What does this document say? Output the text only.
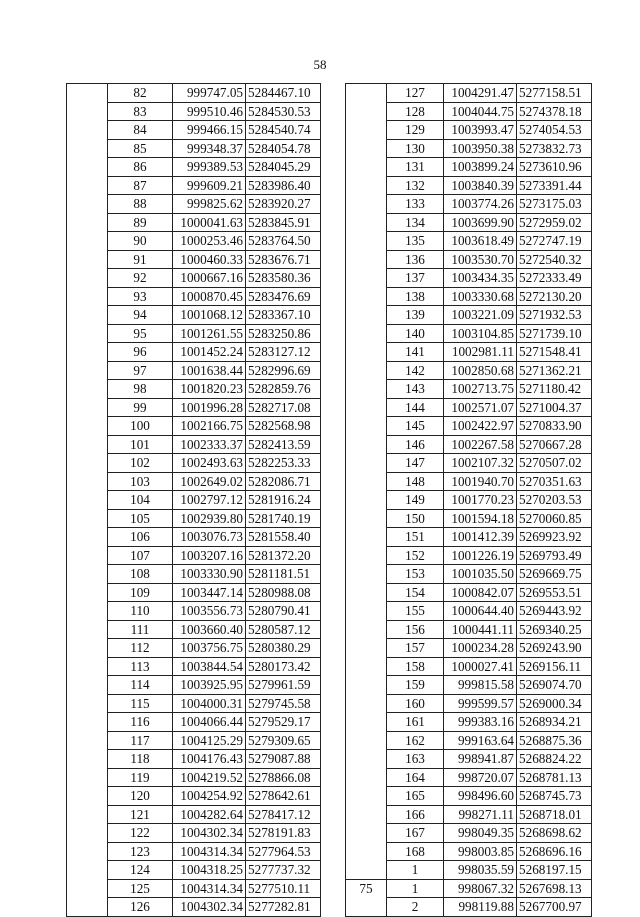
58
	82	999747.05	5284467.10
	83	999510.46	5284530.53
	84	999466.15	5284540.74
	85	999348.37	5284054.78
	86	999389.53	5284045.29
	87	999609.21	5283986.40
	88	999825.62	5283920.27
	89	1000041.63	5283845.91
	90	1000253.46	5283764.50
	91	1000460.33	5283676.71
	92	1000667.16	5283580.36
	93	1000870.45	5283476.69
	94	1001068.12	5283367.10
	95	1001261.55	5283250.86
	96	1001452.24	5283127.12
	97	1001638.44	5282996.69
	98	1001820.23	5282859.76
	99	1001996.28	5282717.08
	100	1002166.75	5282568.98
	101	1002333.37	5282413.59
	102	1002493.63	5282253.33
	103	1002649.02	5282086.71
	104	1002797.12	5281916.24
	105	1002939.80	5281740.19
	106	1003076.73	5281558.40
	107	1003207.16	5281372.20
	108	1003330.90	5281181.51
	109	1003447.14	5280988.08
	110	1003556.73	5280790.41
	111	1003660.40	5280587.12
	112	1003756.75	5280380.29
	113	1003844.54	5280173.42
	114	1003925.95	5279961.59
	115	1004000.31	5279745.58
	116	1004066.44	5279529.17
	117	1004125.29	5279309.65
	118	1004176.43	5279087.88
	119	1004219.52	5278866.08
	120	1004254.92	5278642.61
	121	1004282.64	5278417.12
	122	1004302.34	5278191.83
	123	1004314.34	5277964.53
	124	1004318.25	5277737.32
	125	1004314.34	5277510.11
	126	1004302.34	5277282.81
	127	1004291.47	5277158.51
	128	1004044.75	5274378.18
	129	1003993.47	5274054.53
	130	1003950.38	5273832.73
	131	1003899.24	5273610.96
	132	1003840.39	5273391.44
	133	1003774.26	5273175.03
	134	1003699.90	5272959.02
	135	1003618.49	5272747.19
	136	1003530.70	5272540.32
	137	1003434.35	5272333.49
	138	1003330.68	5272130.20
	139	1003221.09	5271932.53
	140	1003104.85	5271739.10
	141	1002981.11	5271548.41
	142	1002850.68	5271362.21
	143	1002713.75	5271180.42
	144	1002571.07	5271004.37
	145	1002422.97	5270833.90
	146	1002267.58	5270667.28
	147	1002107.32	5270507.02
	148	1001940.70	5270351.63
	149	1001770.23	5270203.53
	150	1001594.18	5270060.85
	151	1001412.39	5269923.92
	152	1001226.19	5269793.49
	153	1001035.50	5269669.75
	154	1000842.07	5269553.51
	155	1000644.40	5269443.92
	156	1000441.11	5269340.25
	157	1000234.28	5269243.90
	158	1000027.41	5269156.11
	159	999815.58	5269074.70
	160	999599.57	5269000.34
	161	999383.16	5268934.21
	162	999163.64	5268875.36
	163	998941.87	5268824.22
	164	998720.07	5268781.13
	165	998496.60	5268745.73
	166	998271.11	5268718.01
	167	998049.35	5268698.62
	168	998003.85	5268696.16
	1	998035.59	5268197.15
75	1	998067.32	5267698.13
	2	998119.88	5267700.97
